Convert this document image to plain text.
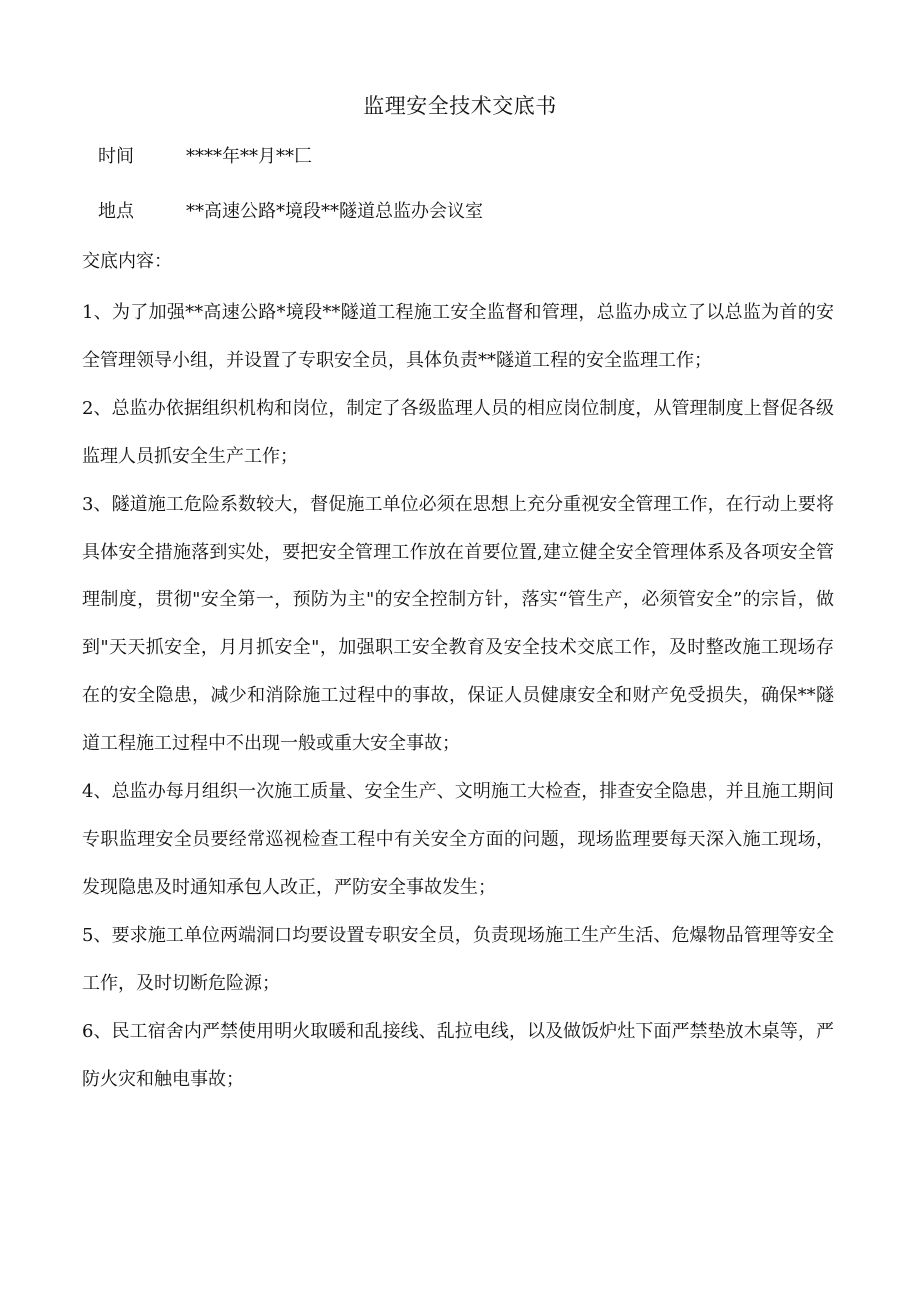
监理安全技术交底书
时间	****年**月**匚
地点	**高速公路*境段**隧道总监办会议室
交底内容：

1、为了加强**高速公路*境段**隧道工程施工安全监督和管理，总监办成立了以总监为首的安全管理领导小组，并设置了专职安全员，具体负责**隧道工程的安全监理工作；

2、总监办依据组织机构和岗位，制定了各级监理人员的相应岗位制度，从管理制度上督促各级监理人员抓安全生产工作；

3、隧道施工危险系数较大，督促施工单位必须在思想上充分重视安全管理工作，在行动上要将具体安全措施落到实处，要把安全管理工作放在首要位置,建立健全安全管理体系及各项安全管理制度，贯彻"安全第一，预防为主"的安全控制方针，落实“管生产，必须管安全”的宗旨，做到"天天抓安全，月月抓安全"，加强职工安全教育及安全技术交底工作，及时整改施工现场存在的安全隐患，减少和消除施工过程中的事故，保证人员健康安全和财产免受损失，确保**隧道工程施工过程中不出现一般或重大安全事故；

4、总监办每月组织一次施工质量、安全生产、文明施工大检查，排查安全隐患，并且施工期间专职监理安全员要经常巡视检查工程中有关安全方面的问题，现场监理要每天深入施工现场，发现隐患及时通知承包人改正，严防安全事故发生；

5、要求施工单位两端洞口均要设置专职安全员，负责现场施工生产生活、危爆物品管理等安全工作，及时切断危险源；

6、民工宿舍内严禁使用明火取暖和乱接线、乱拉电线，以及做饭炉灶下面严禁垫放木桌等，严防火灾和触电事故；
